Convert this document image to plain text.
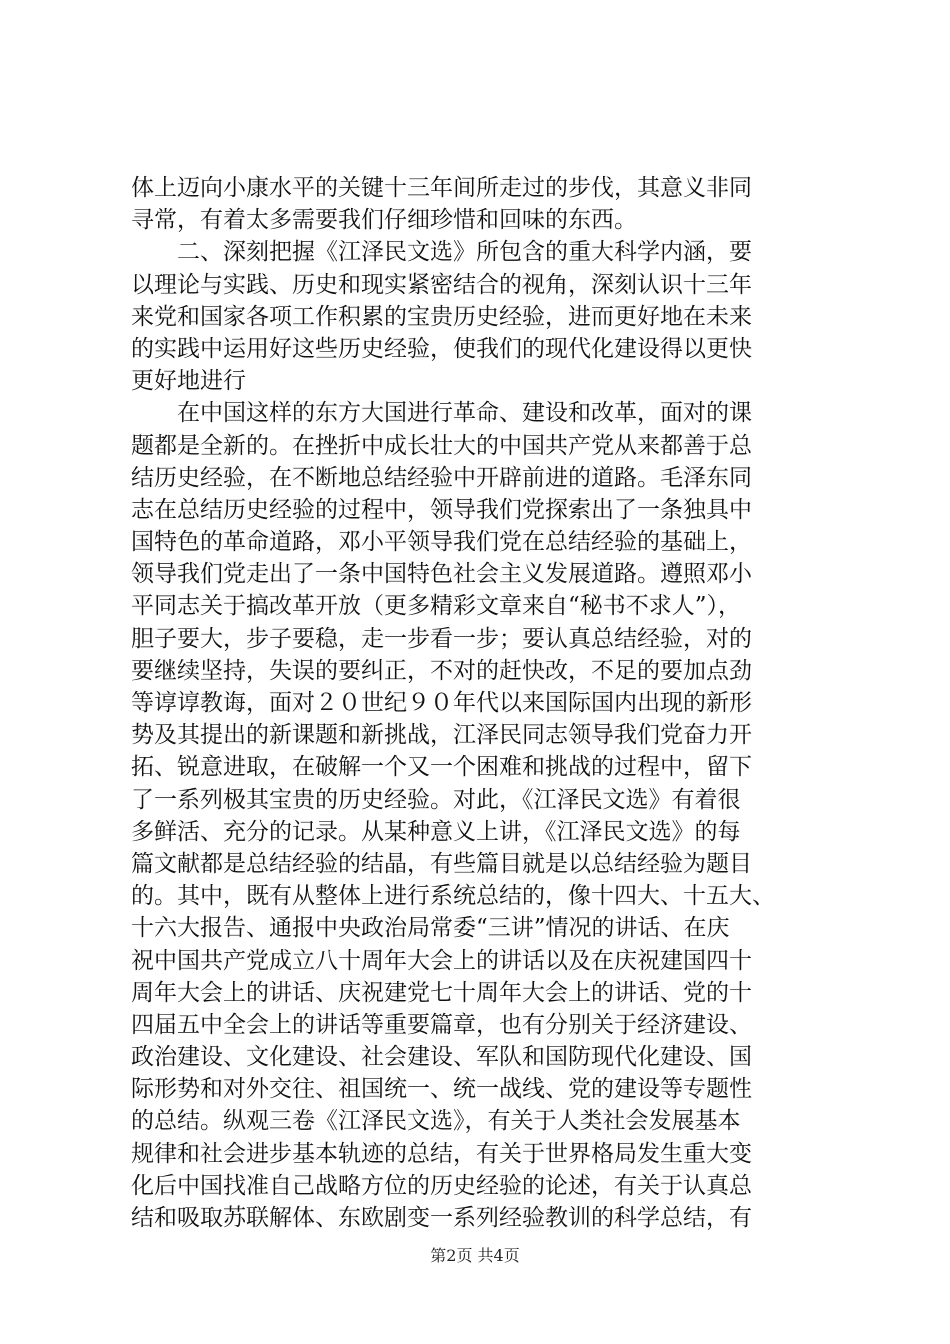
体上迈向小康水平的关键十三年间所走过的步伐，其意义非同
寻常，有着太多需要我们仔细珍惜和回味的东西。
　　二、深刻把握《江泽民文选》所包含的重大科学内涵，要
以理论与实践、历史和现实紧密结合的视角，深刻认识十三年
来党和国家各项工作积累的宝贵历史经验，进而更好地在未来
的实践中运用好这些历史经验，使我们的现代化建设得以更快
更好地进行
　　在中国这样的东方大国进行革命、建设和改革，面对的课
题都是全新的。在挫折中成长壮大的中国共产党从来都善于总
结历史经验，在不断地总结经验中开辟前进的道路。毛泽东同
志在总结历史经验的过程中，领导我们党探索出了一条独具中
国特色的革命道路，邓小平领导我们党在总结经验的基础上，
领导我们党走出了一条中国特色社会主义发展道路。遵照邓小
平同志关于搞改革开放（更多精彩文章来自“秘书不求人”），
胆子要大，步子要稳，走一步看一步；要认真总结经验，对的
要继续坚持，失误的要纠正，不对的赶快改，不足的要加点劲
等谆谆教诲，面对２０世纪９０年代以来国际国内出现的新形
势及其提出的新课题和新挑战，江泽民同志领导我们党奋力开
拓、锐意进取，在破解一个又一个困难和挑战的过程中，留下
了一系列极其宝贵的历史经验。对此，《江泽民文选》有着很
多鲜活、充分的记录。从某种意义上讲，《江泽民文选》的每
篇文献都是总结经验的结晶，有些篇目就是以总结经验为题目
的。其中，既有从整体上进行系统总结的，像十四大、十五大、
十六大报告、通报中央政治局常委“三讲”情况的讲话、在庆
祝中国共产党成立八十周年大会上的讲话以及在庆祝建国四十
周年大会上的讲话、庆祝建党七十周年大会上的讲话、党的十
四届五中全会上的讲话等重要篇章，也有分别关于经济建设、
政治建设、文化建设、社会建设、军队和国防现代化建设、国
际形势和对外交往、祖国统一、统一战线、党的建设等专题性
的总结。纵观三卷《江泽民文选》，有关于人类社会发展基本
规律和社会进步基本轨迹的总结，有关于世界格局发生重大变
化后中国找准自己战略方位的历史经验的论述，有关于认真总
结和吸取苏联解体、东欧剧变一系列经验教训的科学总结，有
第2页 共4页
